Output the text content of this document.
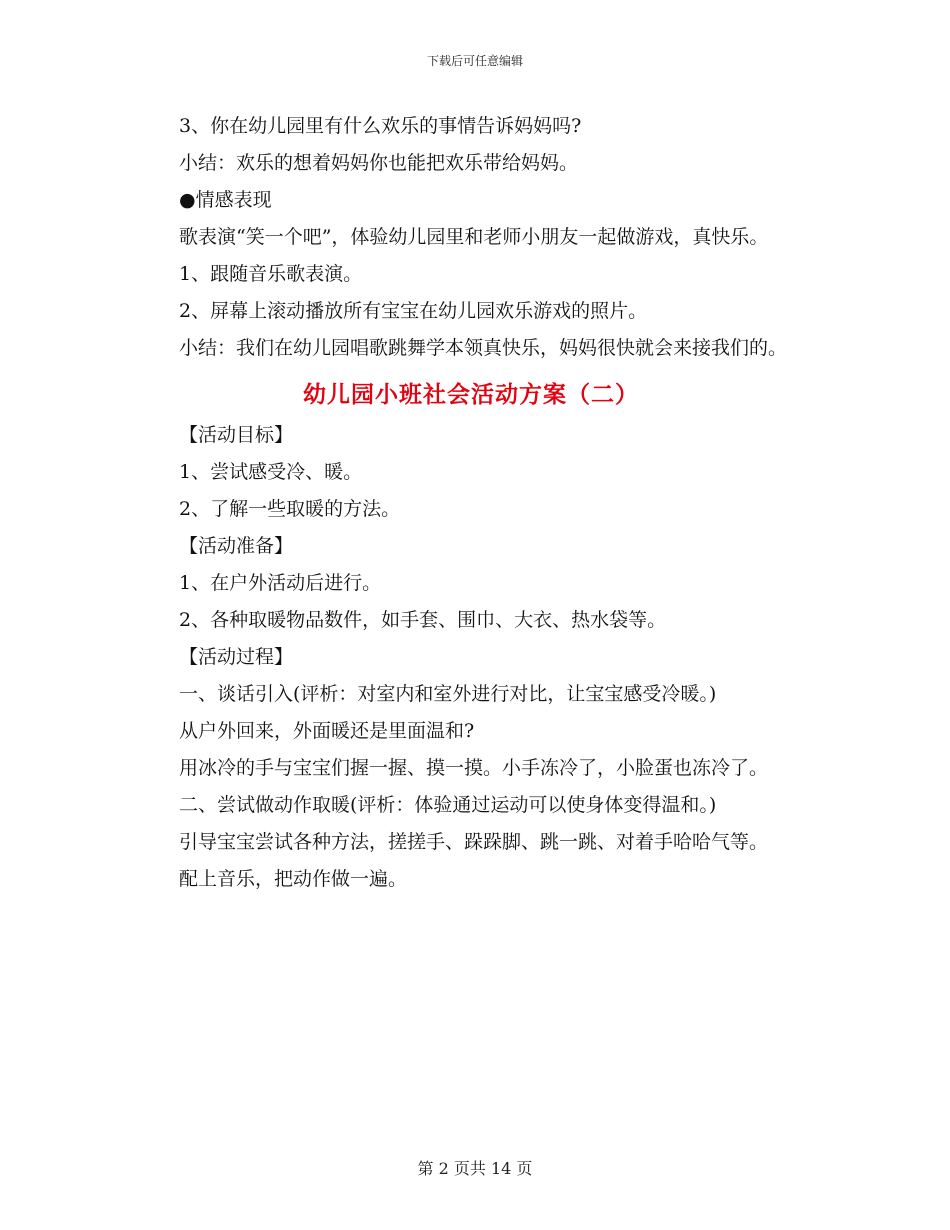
下载后可任意编辑

3、你在幼儿园里有什么欢乐的事情告诉妈妈吗?

小结：欢乐的想着妈妈你也能把欢乐带给妈妈。

●情感表现

歌表演“笑一个吧”，体验幼儿园里和老师小朋友一起做游戏，真快乐。

1、跟随音乐歌表演。

2、屏幕上滚动播放所有宝宝在幼儿园欢乐游戏的照片。

小结：我们在幼儿园唱歌跳舞学本领真快乐，妈妈很快就会来接我们的。

幼儿园小班社会活动方案（二）

【活动目标】

1、尝试感受冷、暖。

2、了解一些取暖的方法。

【活动准备】

1、在户外活动后进行。

2、各种取暖物品数件，如手套、围巾、大衣、热水袋等。

【活动过程】

一、谈话引入(评析：对室内和室外进行对比，让宝宝感受冷暖。)

从户外回来，外面暖还是里面温和?

用冰冷的手与宝宝们握一握、摸一摸。小手冻冷了，小脸蛋也冻冷了。

二、尝试做动作取暖(评析：体验通过运动可以使身体变得温和。)

引导宝宝尝试各种方法，搓搓手、跺跺脚、跳一跳、对着手哈哈气等。

配上音乐，把动作做一遍。

第 2 页共 14 页
